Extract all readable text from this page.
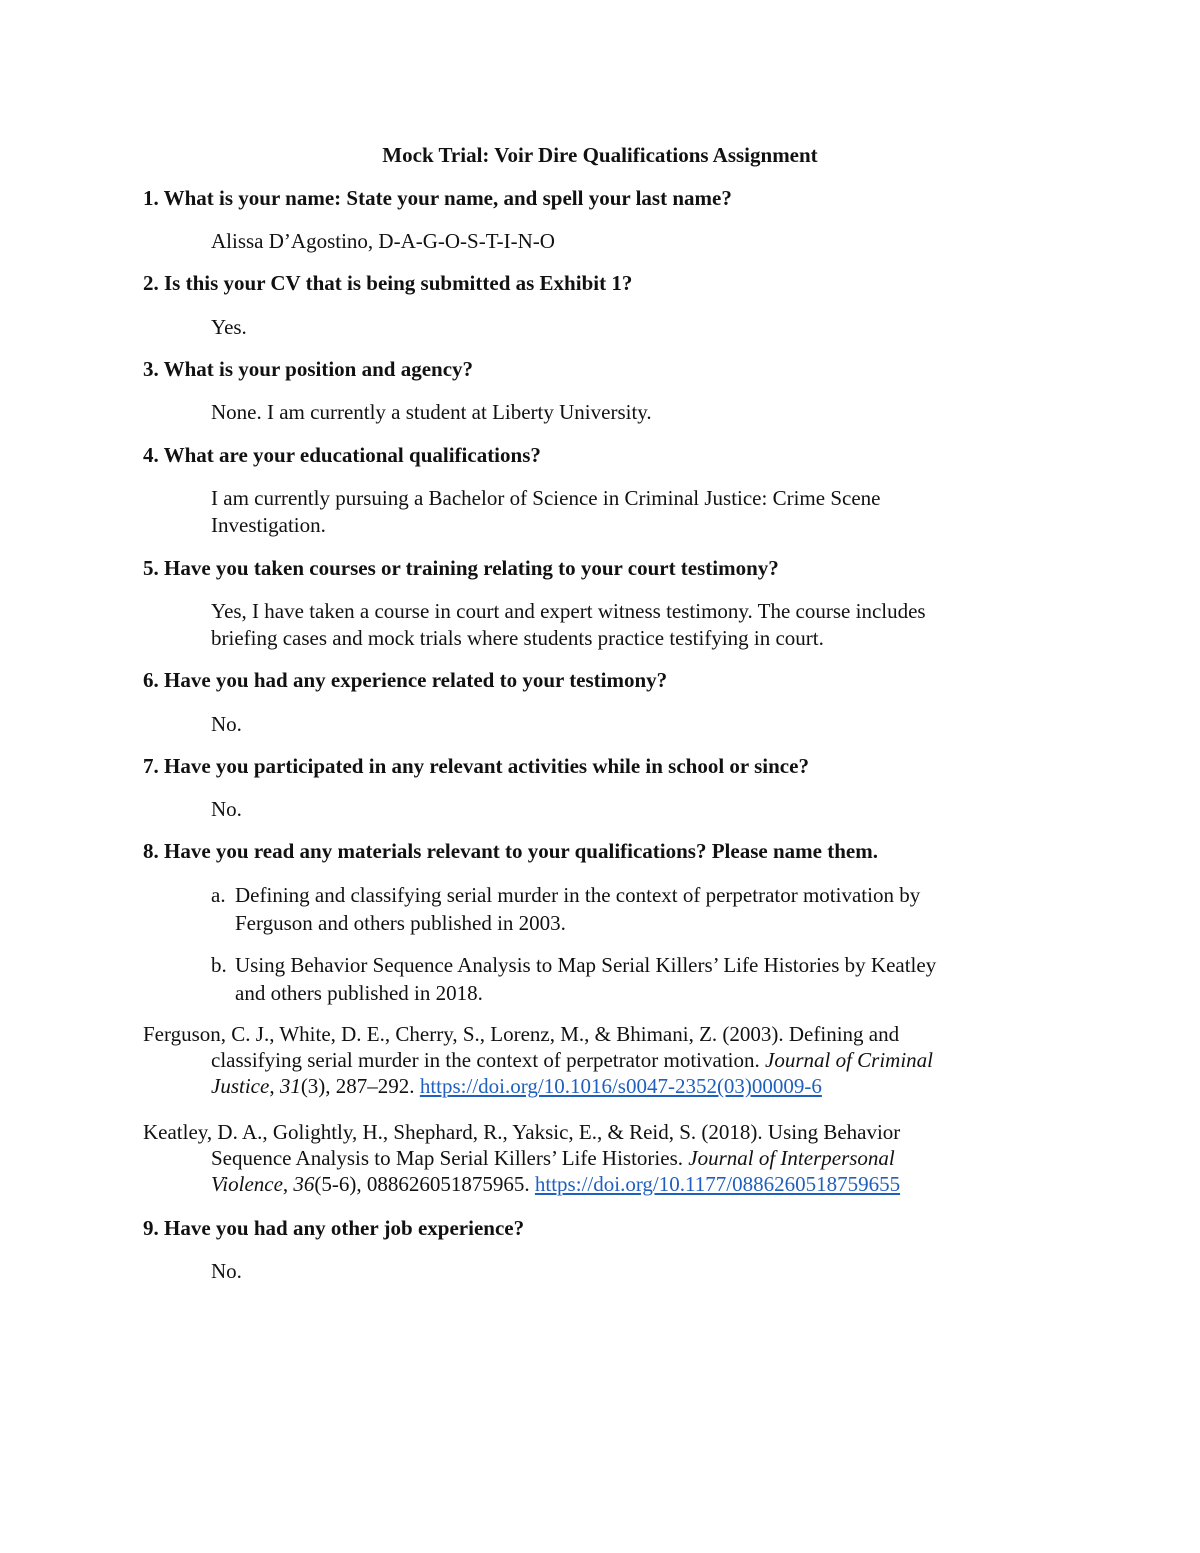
Mock Trial: Voir Dire Qualifications Assignment
1. What is your name: State your name, and spell your last name?
Alissa D’Agostino, D-A-G-O-S-T-I-N-O
2. Is this your CV that is being submitted as Exhibit 1?
Yes.
3. What is your position and agency?
None. I am currently a student at Liberty University.
4. What are your educational qualifications?
I am currently pursuing a Bachelor of Science in Criminal Justice: Crime Scene
Investigation.
5. Have you taken courses or training relating to your court testimony?
Yes, I have taken a course in court and expert witness testimony. The course includes
briefing cases and mock trials where students practice testifying in court.
6. Have you had any experience related to your testimony?
No.
7. Have you participated in any relevant activities while in school or since?
No.
8. Have you read any materials relevant to your qualifications? Please name them.
a. Defining and classifying serial murder in the context of perpetrator motivation by
Ferguson and others published in 2003.
b. Using Behavior Sequence Analysis to Map Serial Killers’ Life Histories by Keatley
and others published in 2018.
Ferguson, C. J., White, D. E., Cherry, S., Lorenz, M., & Bhimani, Z. (2003). Defining and
classifying serial murder in the context of perpetrator motivation. Journal of Criminal
Justice, 31(3), 287–292. https://doi.org/10.1016/s0047-2352(03)00009-6
Keatley, D. A., Golightly, H., Shephard, R., Yaksic, E., & Reid, S. (2018). Using Behavior
Sequence Analysis to Map Serial Killers’ Life Histories. Journal of Interpersonal
Violence, 36(5-6), 088626051875965. https://doi.org/10.1177/0886260518759655
9. Have you had any other job experience?
No.
